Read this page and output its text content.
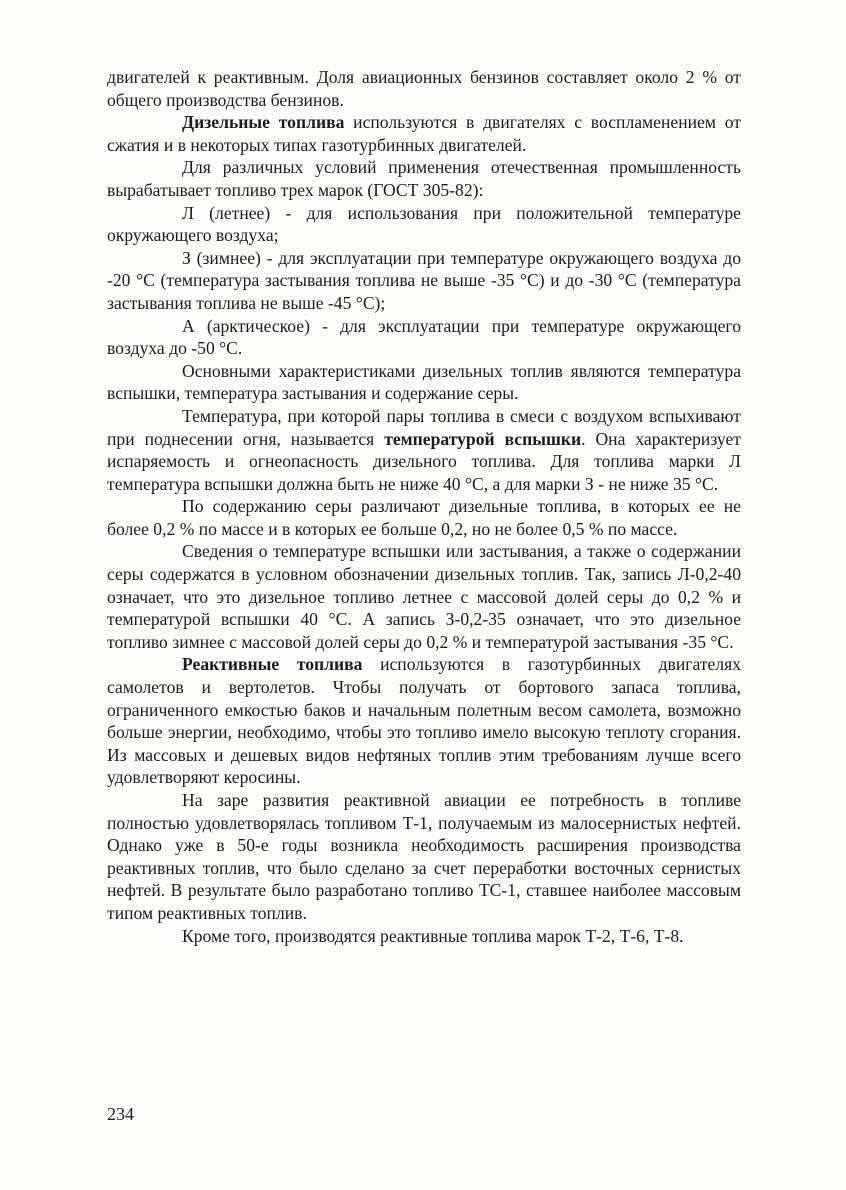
двигателей к реактивным. Доля авиационных бензинов составляет около 2 % от общего производства бензинов.

Дизельные топлива используются в двигателях с воспламенением от сжатия и в некоторых типах газотурбинных двигателей.

Для различных условий применения отечественная промышленность вырабатывает топливо трех марок (ГОСТ 305-82):

Л (летнее) - для использования при положительной температуре окружающего воздуха;

З (зимнее) - для эксплуатации при температуре окружающего воздуха до -20 °С (температура застывания топлива не выше -35 °С) и до -30 °С (температура застывания топлива не выше -45 °С);

А (арктическое) - для эксплуатации при температуре окружающего воздуха до -50 °С.

Основными характеристиками дизельных топлив являются температура вспышки, температура застывания и содержание серы.

Температура, при которой пары топлива в смеси с воздухом вспыхивают при поднесении огня, называется температурой вспышки. Она характеризует испаряемость и огнеопасность дизельного топлива. Для топлива марки Л температура вспышки должна быть не ниже 40 °С, а для марки З - не ниже 35 °С.

По содержанию серы различают дизельные топлива, в которых ее не более 0,2 % по массе и в которых ее больше 0,2, но не более 0,5 % по массе.

Сведения о температуре вспышки или застывания, а также о содержании серы содержатся в условном обозначении дизельных топлив. Так, запись Л-0,2-40 означает, что это дизельное топливо летнее с массовой долей серы до 0,2 % и температурой вспышки 40 °С. А запись З-0,2-35 означает, что это дизельное топливо зимнее с массовой долей серы до 0,2 % и температурой застывания -35 °С.

Реактивные топлива используются в газотурбинных двигателях самолетов и вертолетов. Чтобы получать от бортового запаса топлива, ограниченного емкостью баков и начальным полетным весом самолета, возможно больше энергии, необходимо, чтобы это топливо имело высокую теплоту сгорания. Из массовых и дешевых видов нефтяных топлив этим требованиям лучше всего удовлетворяют керосины.

На заре развития реактивной авиации ее потребность в топливе полностью удовлетворялась топливом Т-1, получаемым из малосернистых нефтей. Однако уже в 50-е годы возникла необходимость расширения производства реактивных топлив, что было сделано за счет переработки восточных сернистых нефтей. В результате было разработано топливо ТС-1, ставшее наиболее массовым типом реактивных топлив.

Кроме того, производятся реактивные топлива марок Т-2, Т-6, Т-8.

234
